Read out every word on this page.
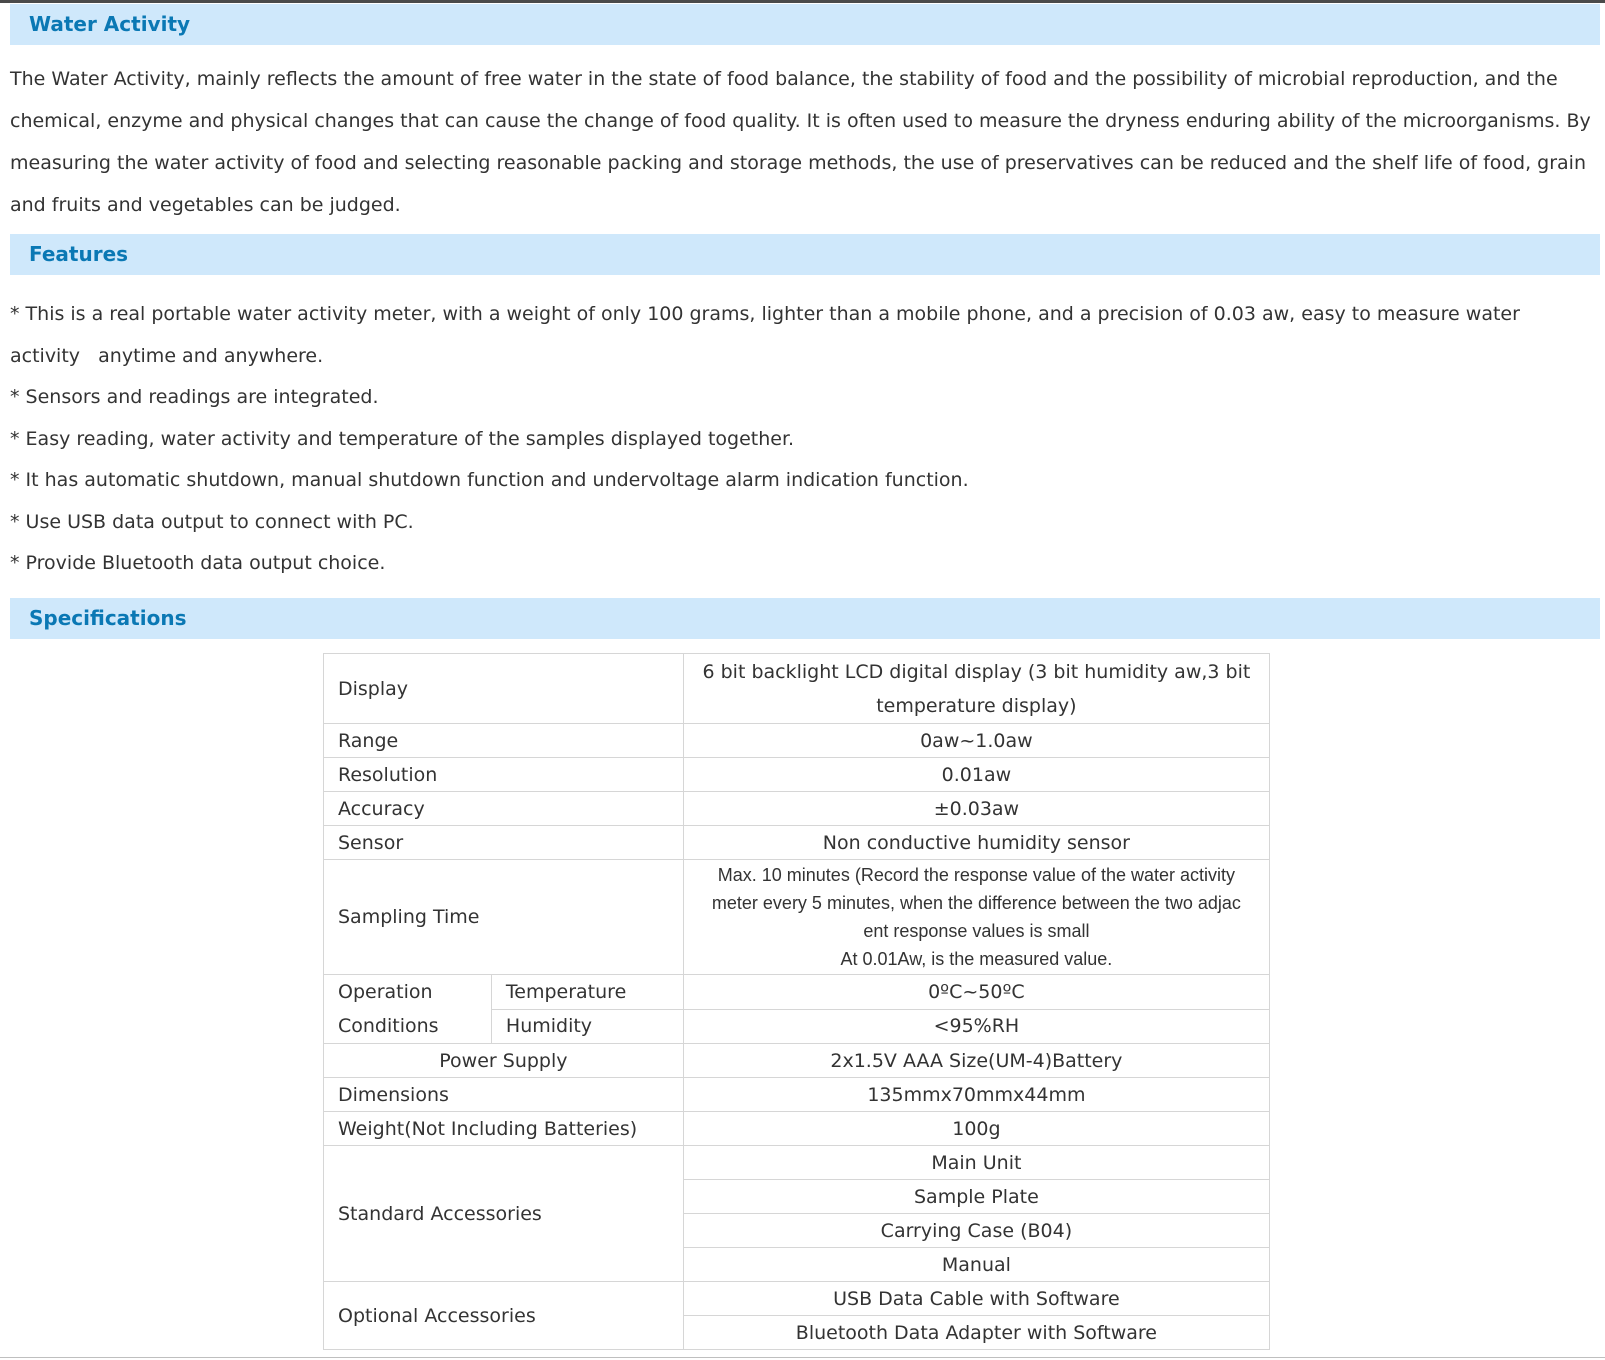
Water Activity

The Water Activity, mainly reflects the amount of free water in the state of food balance, the stability of food and the possibility of microbial reproduction, and the chemical, enzyme and physical changes that can cause the change of food quality. It is often used to measure the dryness enduring ability of the microorganisms. By measuring the water activity of food and selecting reasonable packing and storage methods, the use of preservatives can be reduced and the shelf life of food, grain and fruits and vegetables can be judged.

Features
* This is a real portable water activity meter, with a weight of only 100 grams, lighter than a mobile phone, and a precision of 0.03 aw, easy to measure water activity   anytime and anywhere.
* Sensors and readings are integrated.
* Easy reading, water activity and temperature of the samples displayed together.
* It has automatic shutdown, manual shutdown function and undervoltage alarm indication function.
* Use USB data output to connect with PC.
* Provide Bluetooth data output choice.
Specifications
Display		6 bit backlight LCD digital display (3 bit humidity aw,3 bit temperature display)
Range		0aw~1.0aw
Resolution		0.01aw
Accuracy		±0.03aw
Sensor		Non conductive humidity sensor
Sampling Time		Max. 10 minutes (Record the response value of the water activity meter every 5 minutes, when the difference between the two adjac ent response values is small
At 0.01Aw, is the measured value.

Operation Conditions	Temperature	0ºC~50ºC
	Humidity	<95%RH
Power Supply		2x1.5V AAA Size(UM-4)Battery
Dimensions		135mmx70mmx44mm
Weight(Not Including Batteries)		100g
Standard Accessories		Main Unit
		Sample Plate
		Carrying Case (B04)
		Manual
Optional Accessories		USB Data Cable with Software
		Bluetooth Data Adapter with Software
